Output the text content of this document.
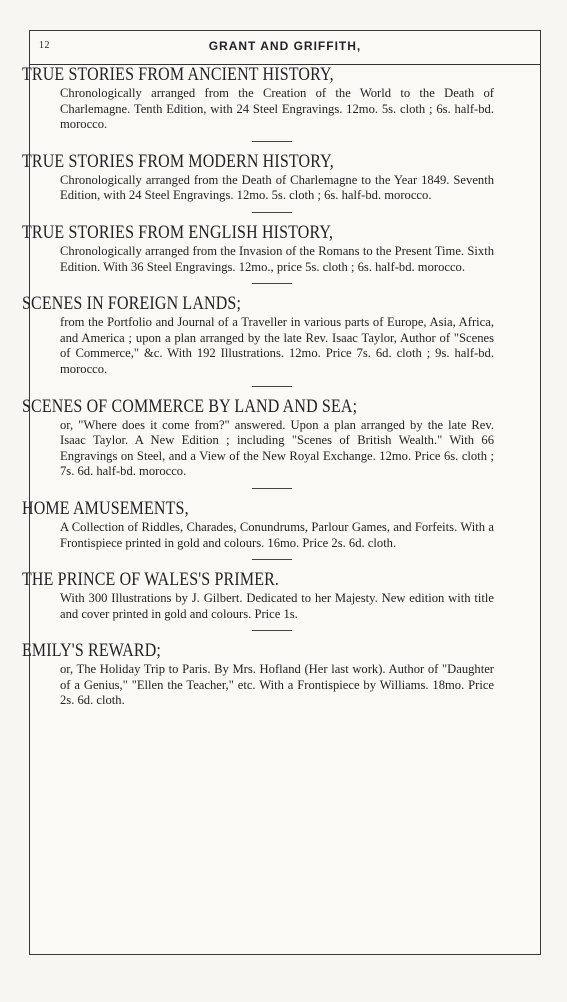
12	GRANT AND GRIFFITH,
TRUE STORIES FROM ANCIENT HISTORY,
Chronologically arranged from the Creation of the World to the Death of Charlemagne. Tenth Edition, with 24 Steel Engravings. 12mo. 5s. cloth ; 6s. half-bd. morocco.
TRUE STORIES FROM MODERN HISTORY,
Chronologically arranged from the Death of Charlemagne to the Year 1849. Seventh Edition, with 24 Steel Engravings. 12mo. 5s. cloth ; 6s. half-bd. morocco.
TRUE STORIES FROM ENGLISH HISTORY,
Chronologically arranged from the Invasion of the Romans to the Present Time. Sixth Edition. With 36 Steel Engravings. 12mo., price 5s. cloth ; 6s. half-bd. morocco.
SCENES IN FOREIGN LANDS;
from the Portfolio and Journal of a Traveller in various parts of Europe, Asia, Africa, and America ; upon a plan arranged by the late Rev. Isaac Taylor, Author of "Scenes of Commerce," &c. With 192 Illustrations. 12mo. Price 7s. 6d. cloth ; 9s. half-bd. morocco.
SCENES OF COMMERCE BY LAND AND SEA;
or, "Where does it come from?" answered. Upon a plan arranged by the late Rev. Isaac Taylor. A New Edition ; including "Scenes of British Wealth." With 66 Engravings on Steel, and a View of the New Royal Exchange. 12mo. Price 6s. cloth ; 7s. 6d. half-bd. morocco.
HOME AMUSEMENTS,
A Collection of Riddles, Charades, Conundrums, Parlour Games, and Forfeits. With a Frontispiece printed in gold and colours. 16mo. Price 2s. 6d. cloth.
THE PRINCE OF WALES'S PRIMER.
With 300 Illustrations by J. Gilbert. Dedicated to her Majesty. New edition with title and cover printed in gold and colours. Price 1s.
EMILY'S REWARD;
or, The Holiday Trip to Paris. By Mrs. Hofland (Her last work). Author of "Daughter of a Genius," "Ellen the Teacher," etc. With a Frontispiece by Williams. 18mo. Price 2s. 6d. cloth.
